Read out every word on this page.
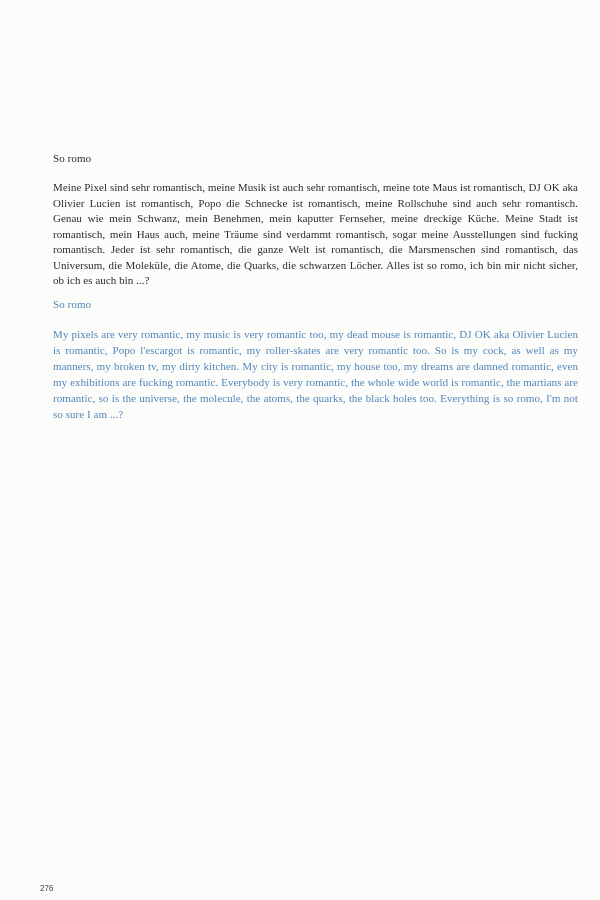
So romo

Meine Pixel sind sehr romantisch, meine Musik ist auch sehr romantisch, meine tote Maus ist romantisch, DJ OK aka Olivier Lucien ist romantisch, Popo die Schnecke ist romantisch, meine Rollschuhe sind auch sehr romantisch. Genau wie mein Schwanz, mein Benehmen, mein kaputter Fernseher, meine dreckige Küche. Meine Stadt ist romantisch, mein Haus auch, meine Träume sind verdammt romantisch, sogar meine Ausstellungen sind fucking romantisch. Jeder ist sehr romantisch, die ganze Welt ist romantisch, die Marsmenschen sind romantisch, das Universum, die Moleküle, die Atome, die Quarks, die schwarzen Löcher. Alles ist so romo, ich bin mir nicht sicher, ob ich es auch bin ...?

So romo

My pixels are very romantic, my music is very romantic too, my dead mouse is romantic, DJ OK aka Olivier Lucien is romantic, Popo l'escargot is romantic, my roller-skates are very romantic too. So is my cock, as well as my manners, my broken tv, my dirty kitchen. My city is romantic, my house too, my dreams are damned romantic, even my exhibitions are fucking romantic. Everybody is very romantic, the whole wide world is romantic, the martians are romantic, so is the universe, the molecule, the atoms, the quarks, the black holes too. Everything is so romo, I'm not so sure I am ...?

276
